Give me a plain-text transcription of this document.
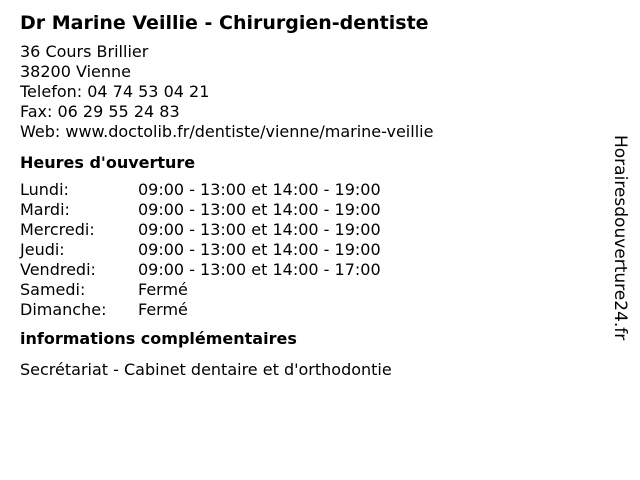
Dr Marine Veillie - Chirurgien-dentiste
36 Cours Brillier
38200 Vienne
Telefon: 04 74 53 04 21
Fax: 06 29 55 24 83
Web: www.doctolib.fr/dentiste/vienne/marine-veillie
Heures d'ouverture
Lundi:	09:00 - 13:00 et 14:00 - 19:00
Mardi:	09:00 - 13:00 et 14:00 - 19:00
Mercredi:	09:00 - 13:00 et 14:00 - 19:00
Jeudi:	09:00 - 13:00 et 14:00 - 19:00
Vendredi:	09:00 - 13:00 et 14:00 - 17:00
Samedi:	Fermé
Dimanche:	Fermé
informations complémentaires
Secrétariat - Cabinet dentaire et d'orthodontie
Horairesdouverture24.fr
